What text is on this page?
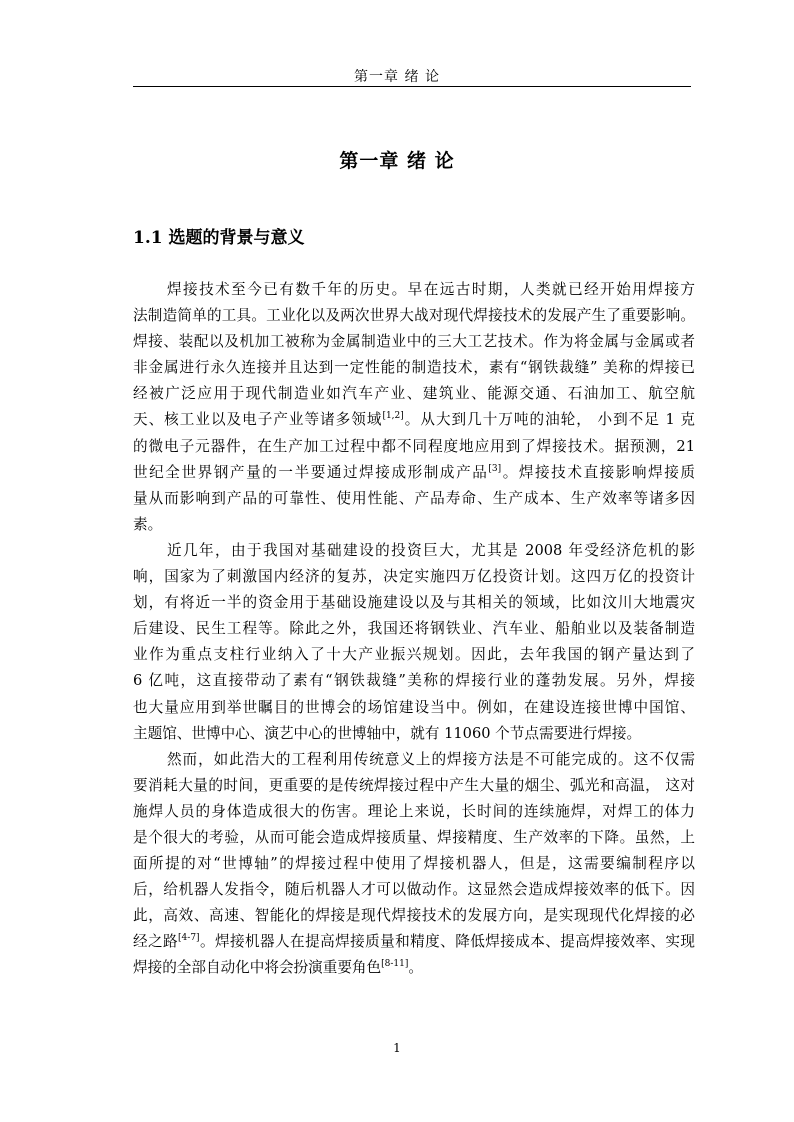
第一章 绪 论
第一章 绪 论
1.1 选题的背景与意义
焊接技术至今已有数千年的历史。早在远古时期，人类就已经开始用焊接方
法制造简单的工具。工业化以及两次世界大战对现代焊接技术的发展产生了重要影响。
焊接、装配以及机加工被称为金属制造业中的三大工艺技术。作为将金属与金属或者
非金属进行永久连接并且达到一定性能的制造技术，素有“钢铁裁缝” 美称的焊接已
经被广泛应用于现代制造业如汽车产业、建筑业、能源交通、石油加工、航空航
天、核工业以及电子产业等诸多领域[1,2]。从大到几十万吨的油轮， 小到不足 1 克
的微电子元器件，在生产加工过程中都不同程度地应用到了焊接技术。据预测，21
世纪全世界钢产量的一半要通过焊接成形制成产品[3]。焊接技术直接影响焊接质
量从而影响到产品的可靠性、使用性能、产品寿命、生产成本、生产效率等诸多因
素。
近几年，由于我国对基础建设的投资巨大，尤其是 2008 年受经济危机的影
响，国家为了刺激国内经济的复苏，决定实施四万亿投资计划。这四万亿的投资计
划，有将近一半的资金用于基础设施建设以及与其相关的领域，比如汶川大地震灾
后建设、民生工程等。除此之外，我国还将钢铁业、汽车业、船舶业以及装备制造
业作为重点支柱行业纳入了十大产业振兴规划。因此，去年我国的钢产量达到了
6 亿吨，这直接带动了素有“钢铁裁缝”美称的焊接行业的蓬勃发展。另外，焊接
也大量应用到举世瞩目的世博会的场馆建设当中。例如，在建设连接世博中国馆、
主题馆、世博中心、演艺中心的世博轴中，就有 11060 个节点需要进行焊接。
然而，如此浩大的工程利用传统意义上的焊接方法是不可能完成的。这不仅需
要消耗大量的时间，更重要的是传统焊接过程中产生大量的烟尘、弧光和高温， 这对
施焊人员的身体造成很大的伤害。理论上来说，长时间的连续施焊，对焊工的体力
是个很大的考验，从而可能会造成焊接质量、焊接精度、生产效率的下降。虽然，上
面所提的对“世博轴”的焊接过程中使用了焊接机器人，但是，这需要编制程序以
后，给机器人发指令，随后机器人才可以做动作。这显然会造成焊接效率的低下。因
此，高效、高速、智能化的焊接是现代焊接技术的发展方向，是实现现代化焊接的必
经之路[4-7]。焊接机器人在提高焊接质量和精度、降低焊接成本、提高焊接效率、实现
焊接的全部自动化中将会扮演重要角色[8-11]。
1
